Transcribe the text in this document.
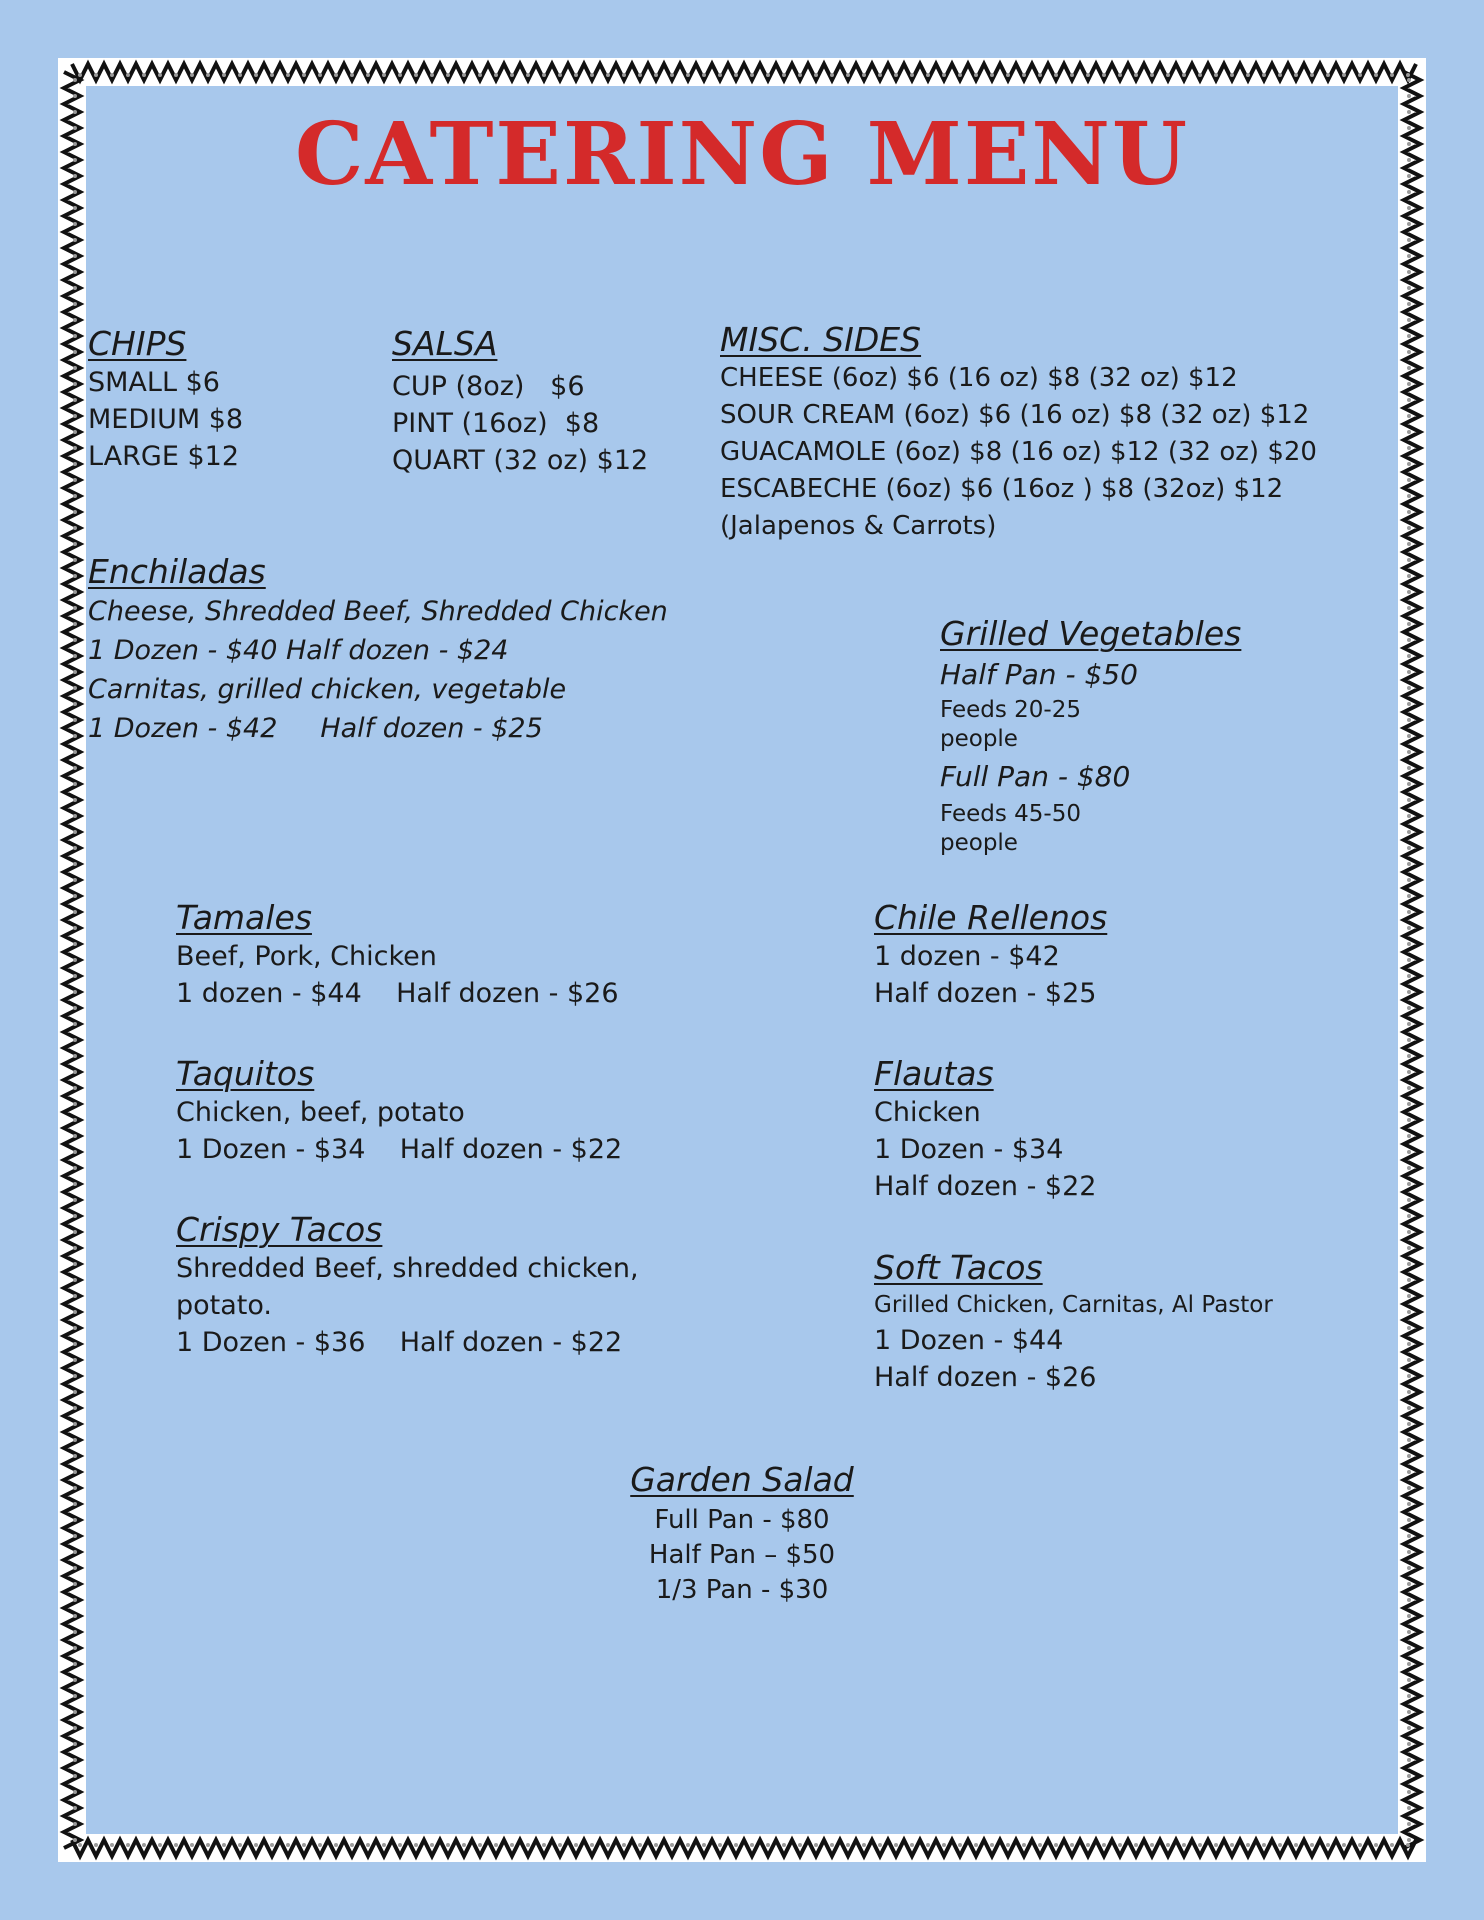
CATERING MENU
CHIPS
SMALL $6
MEDIUM $8
LARGE $12
SALSA
CUP (8oz)   $6
PINT (16oz)  $8
QUART (32 oz) $12
MISC. SIDES
CHEESE (6oz) $6 (16 oz) $8 (32 oz) $12
SOUR CREAM (6oz) $6 (16 oz) $8 (32 oz) $12
GUACAMOLE (6oz) $8 (16 oz) $12 (32 oz) $20
ESCABECHE (6oz) $6 (16oz ) $8 (32oz) $12
(Jalapenos & Carrots)
Enchiladas
Cheese, Shredded Beef, Shredded Chicken
1 Dozen - $40 Half dozen - $24
Carnitas, grilled chicken, vegetable
1 Dozen - $42     Half dozen - $25
Grilled Vegetables
Half Pan - $50
Feeds 20-25
people
Full Pan - $80
Feeds 45-50
people
Tamales
Beef, Pork, Chicken
1 dozen - $44    Half dozen - $26
Taquitos
Chicken, beef, potato
1 Dozen - $34    Half dozen - $22
Crispy Tacos
Shredded Beef, shredded chicken,
potato.
1 Dozen - $36    Half dozen - $22
Chile Rellenos
1 dozen - $42
Half dozen - $25
Flautas
Chicken
1 Dozen - $34
Half dozen - $22
Soft Tacos
Grilled Chicken, Carnitas, Al Pastor
1 Dozen - $44
Half dozen - $26
Garden Salad
Full Pan - $80
Half Pan – $50
1/3 Pan - $30
